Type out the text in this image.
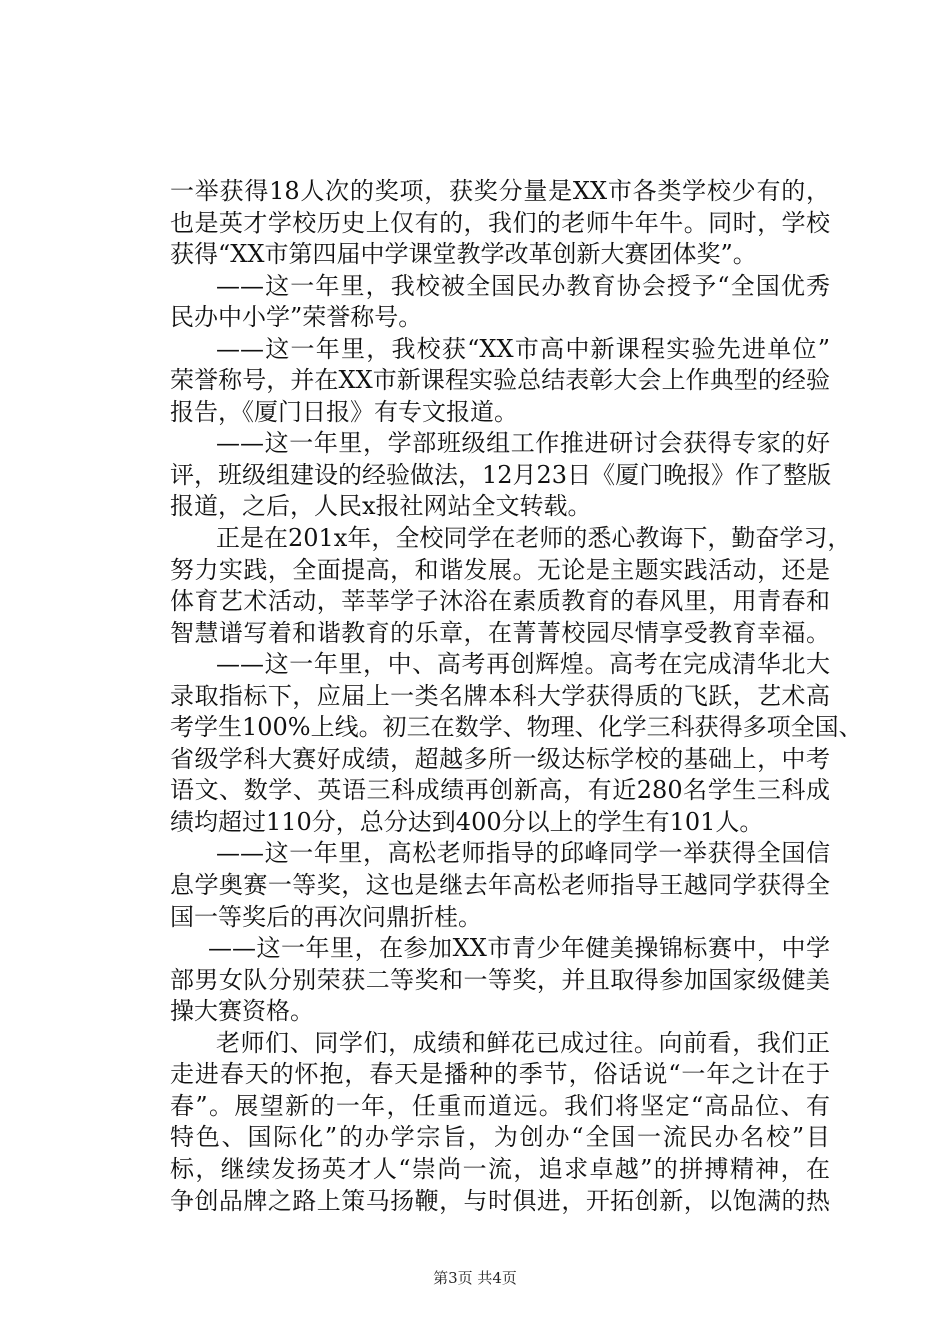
一举获得18人次的奖项，获奖分量是XX市各类学校少有的，
也是英才学校历史上仅有的，我们的老师牛年牛。同时，学校
获得“XX市第四届中学课堂教学改革创新大赛团体奖”。
——这一年里，我校被全国民办教育协会授予“全国优秀
民办中小学”荣誉称号。
——这一年里，我校获“XX市高中新课程实验先进单位”
荣誉称号，并在XX市新课程实验总结表彰大会上作典型的经验
报告，《厦门日报》有专文报道。
——这一年里，学部班级组工作推进研讨会获得专家的好
评，班级组建设的经验做法，12月23日《厦门晚报》作了整版
报道，之后，人民x报社网站全文转载。
正是在201x年，全校同学在老师的悉心教诲下，勤奋学习，
努力实践，全面提高，和谐发展。无论是主题实践活动，还是
体育艺术活动，莘莘学子沐浴在素质教育的春风里，用青春和
智慧谱写着和谐教育的乐章，在菁菁校园尽情享受教育幸福。
——这一年里，中、高考再创辉煌。高考在完成清华北大
录取指标下，应届上一类名牌本科大学获得质的飞跃，艺术高
考学生100%上线。初三在数学、物理、化学三科获得多项全国、
省级学科大赛好成绩，超越多所一级达标学校的基础上，中考
语文、数学、英语三科成绩再创新高，有近280名学生三科成
绩均超过110分，总分达到400分以上的学生有101人。
——这一年里，高松老师指导的邱峰同学一举获得全国信
息学奥赛一等奖，这也是继去年高松老师指导王越同学获得全
国一等奖后的再次问鼎折桂。
——这一年里，在参加XX市青少年健美操锦标赛中，中学
部男女队分别荣获二等奖和一等奖，并且取得参加国家级健美
操大赛资格。
老师们、同学们，成绩和鲜花已成过往。向前看，我们正
走进春天的怀抱，春天是播种的季节，俗话说“一年之计在于
春”。展望新的一年，任重而道远。我们将坚定“高品位、有
特色、国际化”的办学宗旨，为创办“全国一流民办名校”目
标，继续发扬英才人“崇尚一流，追求卓越”的拼搏精神，在
争创品牌之路上策马扬鞭，与时俱进，开拓创新，以饱满的热
第3页 共4页
